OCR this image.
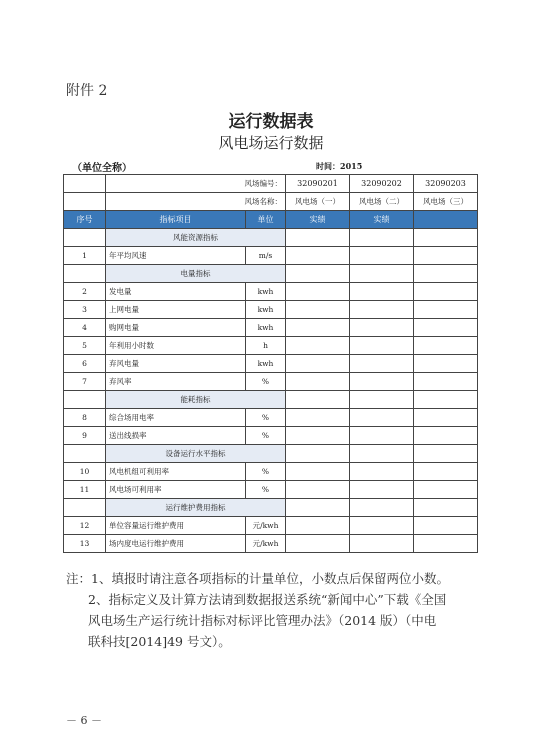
附件 2
运行数据表
风电场运行数据
（单位全称）	时间：2015
	风场编号：		32090201	32090202	32090203
	风场名称：		风电场（一）	风电场（二）	风电场（三）
序号	指标项目	单位	实绩	实绩	
	风能资源指标				
1	年平均风速	m/s			
	电量指标				
2	发电量	kwh			
3	上网电量	kwh			
4	购网电量	kwh			
5	年利用小时数	h			
6	弃风电量	kwh			
7	弃风率	%			
	能耗指标				
8	综合场用电率	%			
9	送出线损率	%			
	设备运行水平指标				
10	风电机组可利用率	%			
11	风电场可利用率	%			
	运行维护费用指标				
12	单位容量运行维护费用	元/kwh			
13	场内度电运行维护费用	元/kwh			

注：1、填报时请注意各项指标的计量单位，小数点后保留两位小数。

2、指标定义及计算方法请到数据报送系统“新闻中心”下载《全国

风电场生产运行统计指标对标评比管理办法》（2014 版）（中电

联科技[2014]49 号文）。

－ 6 －
